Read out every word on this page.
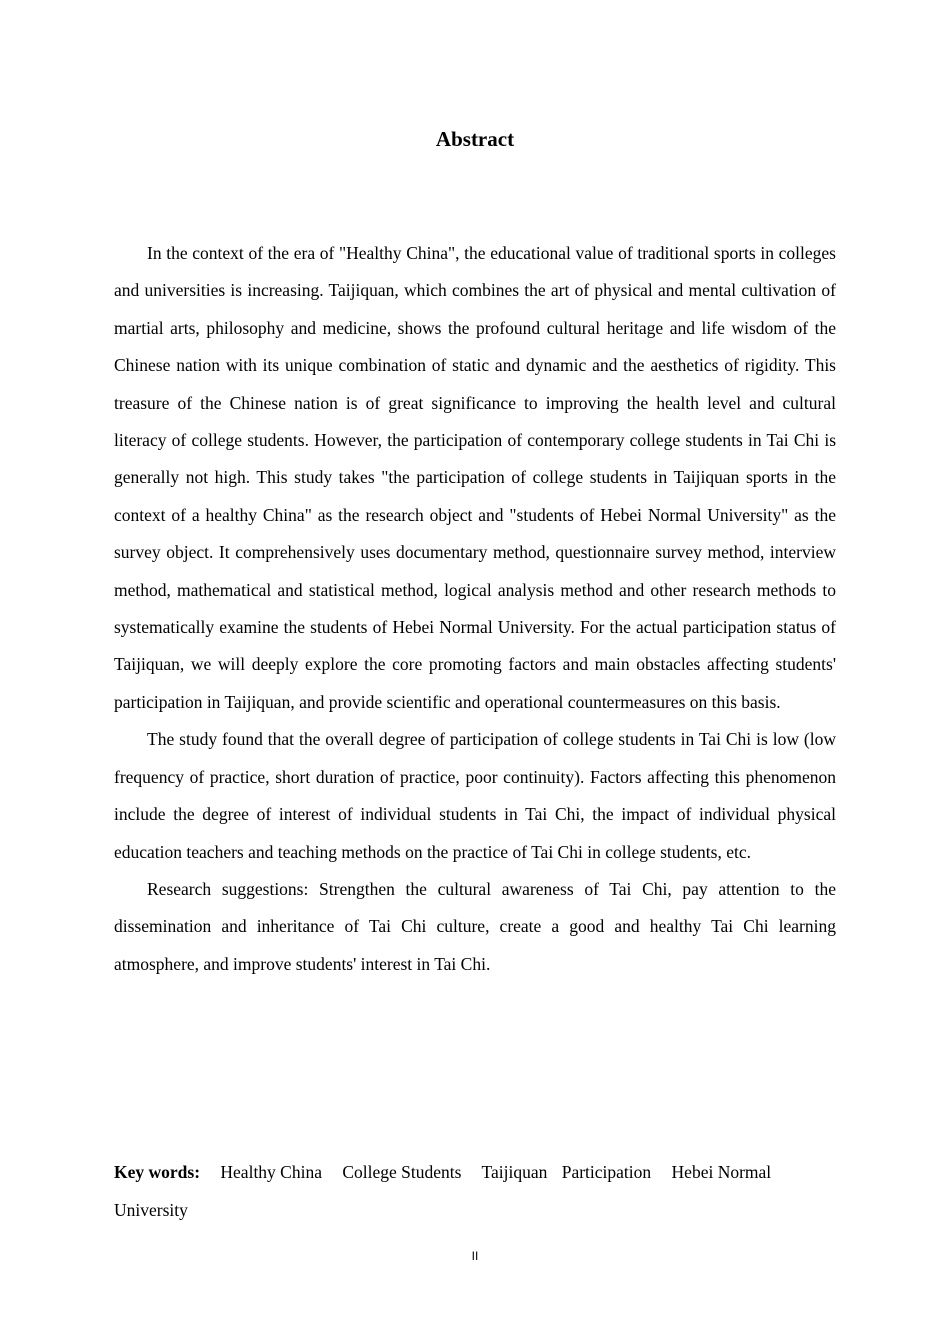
Abstract

In the context of the era of "Healthy China", the educational value of traditional sports in colleges and universities is increasing. Taijiquan, which combines the art of physical and mental cultivation of martial arts, philosophy and medicine, shows the profound cultural heritage and life wisdom of the Chinese nation with its unique combination of static and dynamic and the aesthetics of rigidity. This treasure of the Chinese nation is of great significance to improving the health level and cultural literacy of college students. However, the participation of contemporary college students in Tai Chi is generally not high. This study takes "the participation of college students in Taijiquan sports in the context of a healthy China" as the research object and "students of Hebei Normal University" as the survey object. It comprehensively uses documentary method, questionnaire survey method, interview method, mathematical and statistical method, logical analysis method and other research methods to systematically examine the students of Hebei Normal University. For the actual participation status of Taijiquan, we will deeply explore the core promoting factors and main obstacles affecting students' participation in Taijiquan, and provide scientific and operational countermeasures on this basis.

The study found that the overall degree of participation of college students in Tai Chi is low (low frequency of practice, short duration of practice, poor continuity). Factors affecting this phenomenon include the degree of interest of individual students in Tai Chi, the impact of individual physical education teachers and teaching methods on the practice of Tai Chi in college students, etc.

Research suggestions: Strengthen the cultural awareness of Tai Chi, pay attention to the dissemination and inheritance of Tai Chi culture, create a good and healthy Tai Chi learning atmosphere, and improve students' interest in Tai Chi.

Key words: Healthy China College Students Taijiquan Participation Hebei Normal University
II
